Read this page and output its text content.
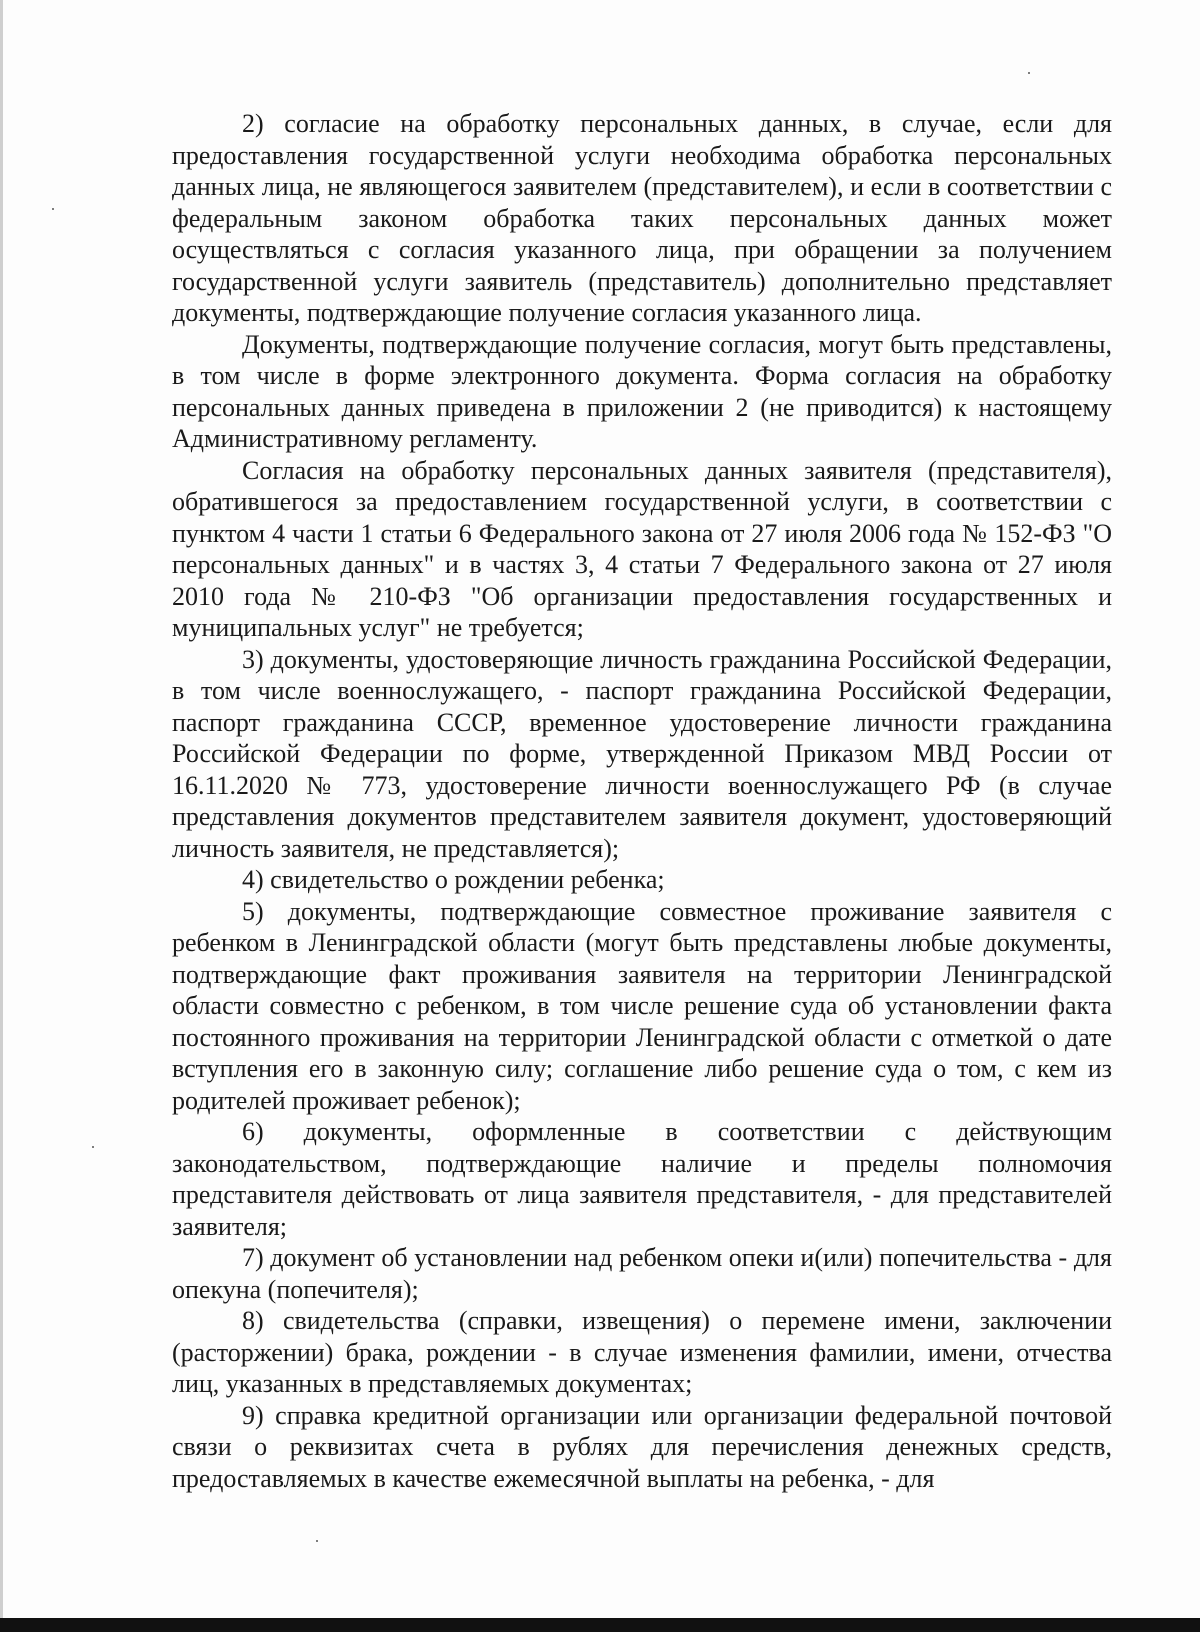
2) согласие на обработку персональных данных, в случае, если для предоставления государственной услуги необходима обработка персональных данных лица, не являющегося заявителем (представителем), и если в соответствии с федеральным законом обработка таких персональных данных может осуществляться с согласия указанного лица, при обращении за получением государственной услуги заявитель (представитель) дополнительно представляет документы, подтверждающие получение согласия указанного лица.

Документы, подтверждающие получение согласия, могут быть представлены, в том числе в форме электронного документа. Форма согласия на обработку персональных данных приведена в приложении 2 (не приводится) к настоящему Административному регламенту.

Согласия на обработку персональных данных заявителя (представителя), обратившегося за предоставлением государственной услуги, в соответствии с пунктом 4 части 1 статьи 6 Федерального закона от 27 июля 2006 года № 152-ФЗ "О персональных данных" и в частях 3, 4 статьи 7 Федерального закона от 27 июля 2010 года № 210-ФЗ "Об организации предоставления государственных и муниципальных услуг" не требуется;

3) документы, удостоверяющие личность гражданина Российской Федерации, в том числе военнослужащего, - паспорт гражданина Российской Федерации, паспорт гражданина СССР, временное удостоверение личности гражданина Российской Федерации по форме, утвержденной Приказом МВД России от 16.11.2020 № 773, удостоверение личности военнослужащего РФ (в случае представления документов представителем заявителя документ, удостоверяющий личность заявителя, не представляется);

4) свидетельство о рождении ребенка;

5) документы, подтверждающие совместное проживание заявителя с ребенком в Ленинградской области (могут быть представлены любые документы, подтверждающие факт проживания заявителя на территории Ленинградской области совместно с ребенком, в том числе решение суда об установлении факта постоянного проживания на территории Ленинградской области с отметкой о дате вступления его в законную силу; соглашение либо решение суда о том, с кем из родителей проживает ребенок);

6) документы, оформленные в соответствии с действующим законодательством, подтверждающие наличие и пределы полномочия представителя действовать от лица заявителя представителя, - для представителей заявителя;

7) документ об установлении над ребенком опеки и(или) попечительства - для опекуна (попечителя);

8) свидетельства (справки, извещения) о перемене имени, заключении (расторжении) брака, рождении - в случае изменения фамилии, имени, отчества лиц, указанных в представляемых документах;

9) справка кредитной организации или организации федеральной почтовой связи о реквизитах счета в рублях для перечисления денежных средств, предоставляемых в качестве ежемесячной выплаты на ребенка, - для
